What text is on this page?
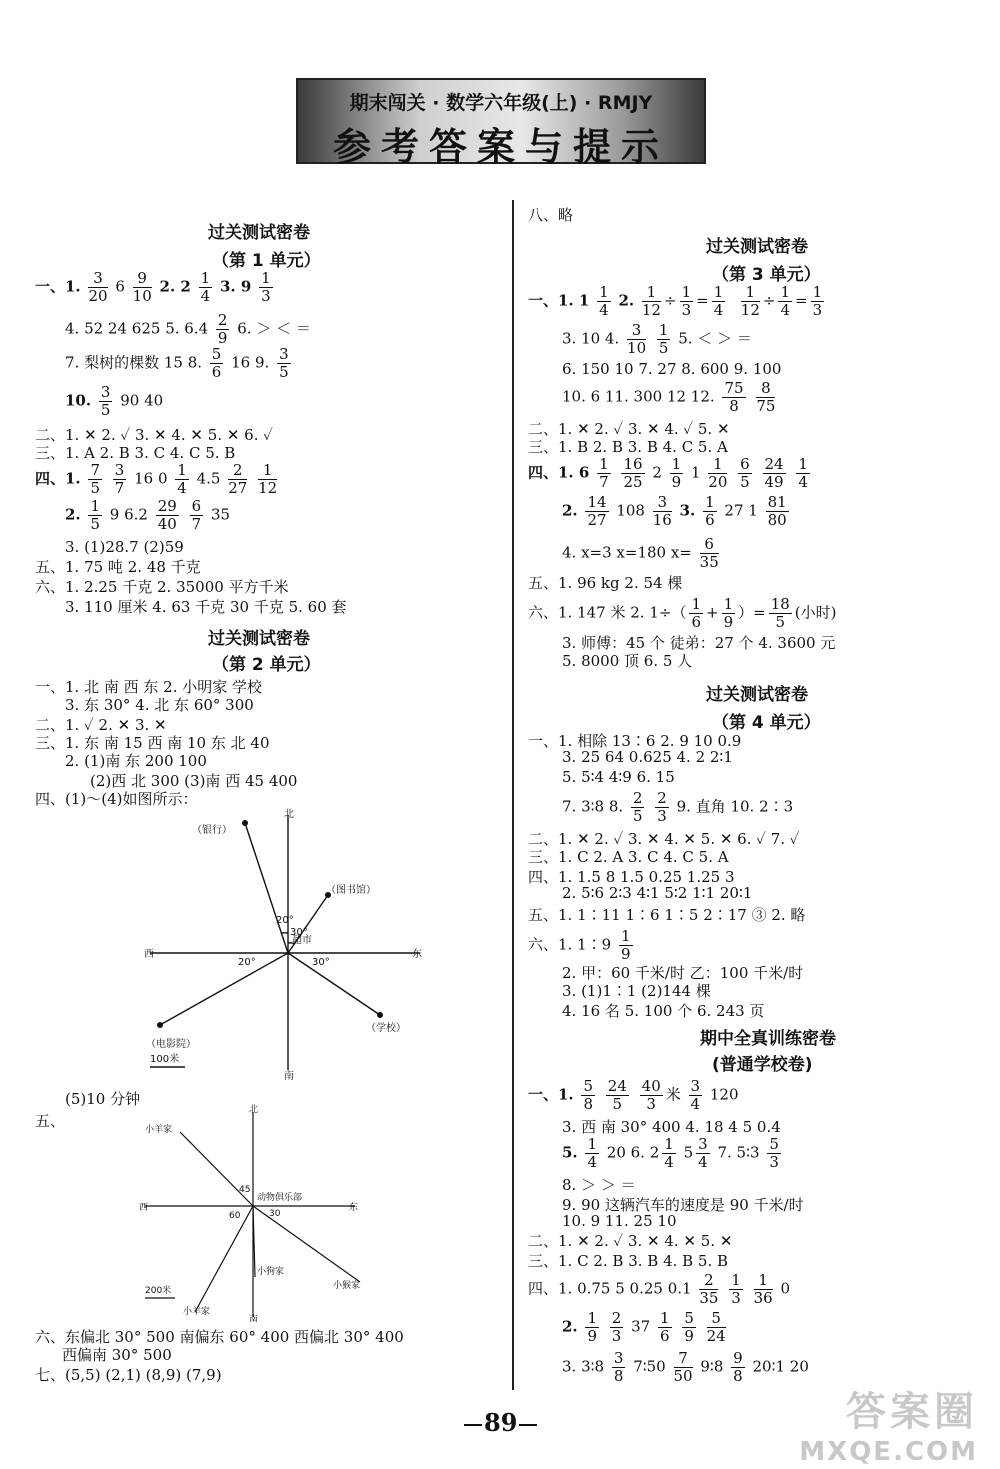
期末闯关 · 数学六年级(上) · RMJY
参考答案与提示
过关测试密卷
（第 1 单元）
一、1. $\frac{3}{20} 6 \frac{9}{10} 2$. $2 \frac{1}{4} 3$. $9 \frac{1}{3}$
4. 52 24 625 5. $6.4 \frac{2}{9} 6$. ＞ ＜ ＝
7. 梨树的棵数 15 8. $\frac{5}{6} 16$ 9. $\frac{3}{5}$
10. $\frac{3}{5} 90$ 40
二、1. ✕ 2. ✓ 3. ✕ 4. ✕ 5. ✕ 6. ✓
三、1. A 2. B 3. C 4. C 5. B
四、1. $\frac{7}{5}$
$\frac{3}{7} 16$ $0 \frac{1}{4} 4.5 \frac{2}{27}$
$\frac{1}{12}$
2. $\frac{1}{5} 9$ $6.2 \frac{29}{40}$
$\frac{6}{7} 35$
3. (1)28.7 (2)59
五、1. 75 吨 2. 48 千克
六、1. 2.25 千克 2. 35000 平方千米
3. 110 厘米 4. 63 千克 30 千克 5. 60 套
过关测试密卷
（第 2 单元）
一、1. 北 南 西 东 2. 小明家 学校
3. 东 30° 4. 北 东 60° 300
二、1. ✓ 2. ✕ 3. ✕
三、1. 东 南 15 西 南 10 东 北 40
2. (1)南 东 200 100
(2)西 北 300 (3)南 西 45 400
四、(1)～(4)如图所示：
北
南
东
西
（银行）
（图书馆）
超市
（电影院）
（学校）
20°
30°
20°	30°
100米
(5)10 分钟
五、
北
南
东
西
动物俱乐部
小羊家
小狗家
小猴家
小羊家
45
60	30
200米
六、东偏北 30° 500 南偏东 60° 400 西偏北 30° 400
西偏南 30° 500
七、(5,5) (2,1) (8,9) (7,9)
八、略
过关测试密卷
（第 3 单元）
一、1. $1 \frac{1}{4} 2$. $\frac{1}{12} \div \frac{1}{3} = \frac{1}{4}$
$\frac{1}{12} \div \frac{1}{4} = \frac{1}{3}$
3. 10 4. $\frac{3}{10}$
$\frac{1}{5} 5$. ＜ ＞ ＝
6. 150 10 7. 27 8. 600 9. 100
10. 6 11. 300 12 12. $\frac{75}{8}$
$\frac{8}{75}$
二、1. ✕ 2. ✓ 3. ✕ 4. ✓ 5. ✕
三、1. B 2. B 3. B 4. C 5. A
四、1. $6 \frac{1}{7}$
$\frac{16}{25} 2 \frac{1}{9} 1 \frac{1}{20}$
$\frac{6}{5}$
$\frac{24}{49}$
$\frac{1}{4}$
2. $\frac{14}{27} 108 \frac{3}{16} 3$. $\frac{1}{6} 27$ $1 \frac{81}{80}$
4. x=3 x=180 $x= \frac{6}{35}$
五、1. 96 kg 2. 54 棵
六、1. 147 米 2. $1\div( \frac{1}{6} + \frac{1}{9}$ ）= $\frac{18}{5}$ (小时)
3. 师傅：45 个 徒弟：27 个 4. 3600 元
5. 8000 顶 6. 5 人
过关测试密卷
（第 4 单元）
一、1. 相除 13∶6 2. 9 10 0.9
3. 25 64 0.625 4. 2 2∶1
5. 5∶4 4∶9 6. 15
7. 3∶8 8. $\frac{2}{5}$
$\frac{2}{3} 9$. 直角 10. 2∶3
二、1. ✕ 2. ✓ 3. ✕ 4. ✕ 5. ✕ 6. ✓ 7. ✓
三、1. C 2. A 3. C 4. C 5. A
四、1. 1.5 8 1.5 0.25 1.25 3
2. 5∶6 2∶3 4∶1 5∶2 1∶1 20∶1
五、1. 1∶11 1∶6 1∶5 2∶17 ③ 2. 略
六、1. 1∶9 $\frac{1}{9}$
2. 甲：60 千米/时 乙：100 千米/时
3. (1)1∶1 (2)144 棵
4. 16 名 5. 100 个 6. 243 页
期中全真训练密卷
(普通学校卷)
一、1. $\frac{5}{8}$
$\frac{24}{5}$
$\frac{40}{3}$ 米 $\frac{3}{4} 120$
3. 西 南 30° 400 4. 18 4 5 0.4
5. $\frac{1}{4} 20$ 6. $2 \frac{1}{4} 5 \frac{3}{4} 7$. 5∶3 $\frac{5}{3}$
8. ＞ ＞ ＝
9. 90 这辆汽车的速度是 90 千米/时
10. 9 11. 25 10
二、1. ✕ 2. ✓ 3. ✕ 4. ✕ 5. ✕
三、1. C 2. B 3. B 4. B 5. B
四、1. 0.75 5 0.25 $0.1 \frac{2}{35}$
$\frac{1}{3}$
$\frac{1}{36} 0$
2. $\frac{1}{9}$
$\frac{2}{3} 37 \frac{1}{6}$
$\frac{5}{9}$
$\frac{5}{24}$
3. 3∶8 $\frac{3}{8}$ 7∶50 $\frac{7}{50}$ 9∶8 $\frac{9}{8}$ 20∶1 20
89	答案圈
MXQE.COM
